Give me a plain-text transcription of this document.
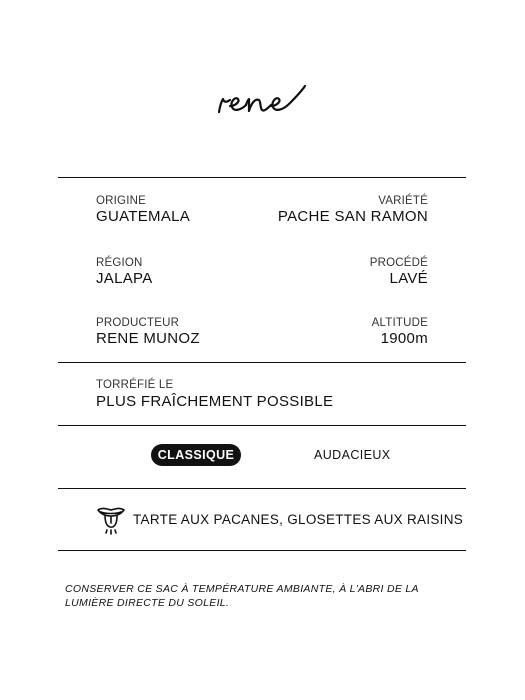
ORIGINE
GUATEMALA
VARIÉTÉ
PACHE SAN RAMON
RÉGION
JALAPA
PROCÉDÉ
LAVÉ
PRODUCTEUR
RENE MUNOZ
ALTITUDE
1900m
TORRÉFIÉ LE
PLUS FRAÎCHEMENT POSSIBLE
CLASSIQUE	AUDACIEUX
TARTE AUX PACANES, GLOSETTES AUX RAISINS
CONSERVER CE SAC À TEMPÉRATURE AMBIANTE, À L'ABRI DE LA LUMIÈRE DIRECTE DU SOLEIL.
